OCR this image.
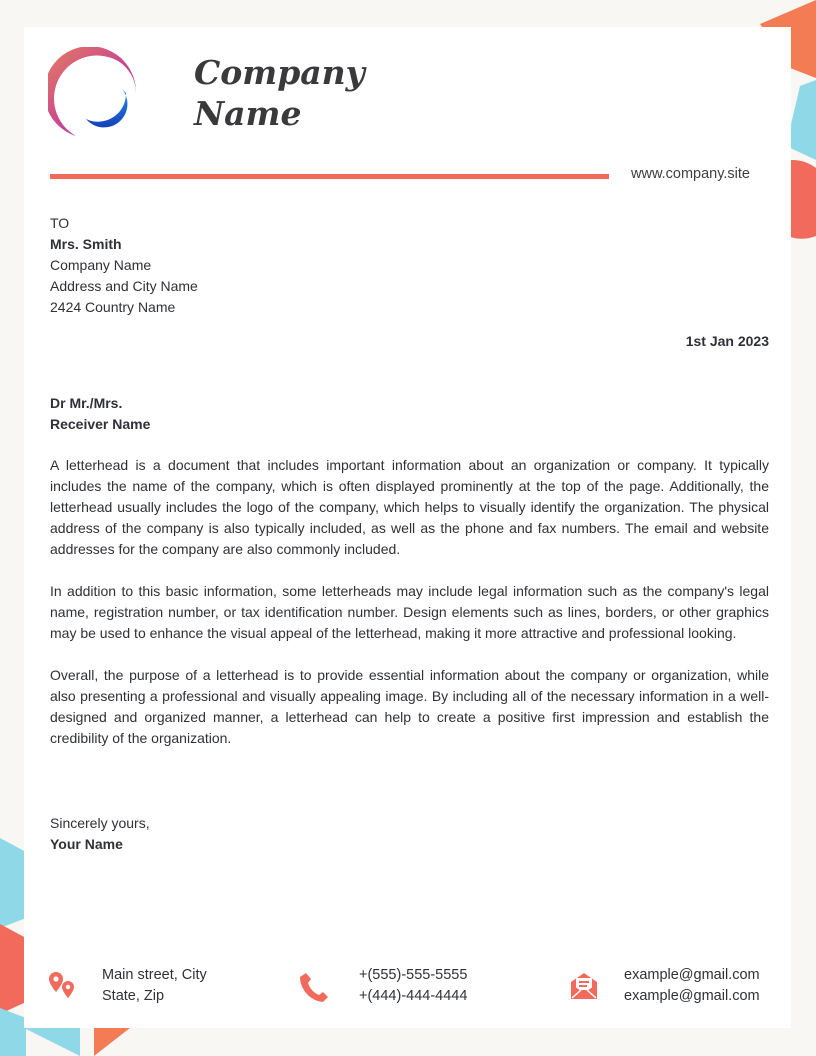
Company
Name
www.company.site
TO
Mrs. Smith
Company Name
Address and City Name
2424 Country Name
1st Jan 2023
Dr Mr./Mrs.
Receiver Name

A letterhead is a document that includes important information about an organization or company. It typically includes the name of the company, which is often displayed prominently at the top of the page. Additionally, the letterhead usually includes the logo of the company, which helps to visually identify the organization. The physical address of the company is also typically included, as well as the phone and fax numbers. The email and website addresses for the company are also commonly included.

In addition to this basic information, some letterheads may include legal information such as the company's legal name, registration number, or tax identification number. Design elements such as lines, borders, or other graphics may be used to enhance the visual appeal of the letterhead, making it more attractive and professional looking.

Overall, the purpose of a letterhead is to provide essential information about the company or organization, while also presenting a professional and visually appealing image. By including all of the necessary information in a well-designed and organized manner, a letterhead can help to create a positive first impression and establish the credibility of the organization.

Sincerely yours,
Your Name
Main street, City
State, Zip
+(555)-555-5555
+(444)-444-4444
example@gmail.com
example@gmail.com
